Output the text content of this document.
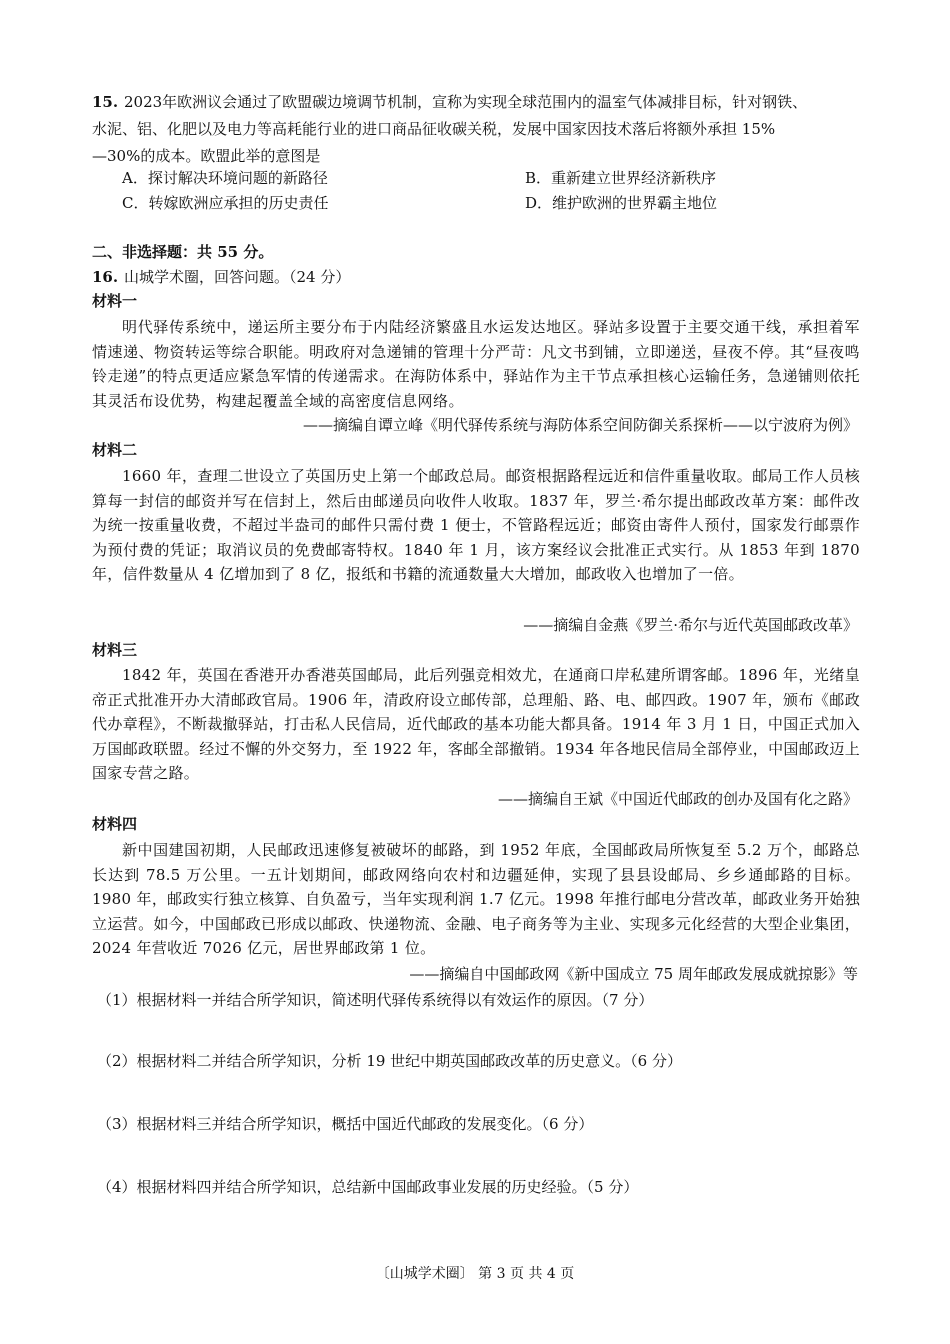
15. 2023年欧洲议会通过了欧盟碳边境调节机制，宣称为实现全球范围内的温室气体减排目标，针对钢铁、
水泥、铝、化肥以及电力等高耗能行业的进口商品征收碳关税，发展中国家因技术落后将额外承担 15%
—30%的成本。欧盟此举的意图是
A．探讨解决环境问题的新路径	B．重新建立世界经济新秩序
C．转嫁欧洲应承担的历史责任	D．维护欧洲的世界霸主地位
二、非选择题：共 55 分。
16. 山城学术圈，回答问题。（24 分）
材料一
明代驿传系统中，递运所主要分布于内陆经济繁盛且水运发达地区。驿站多设置于主要交通干线，承担着军情速递、物资转运等综合职能。明政府对急递铺的管理十分严苛：凡文书到铺，立即递送，昼夜不停。其“昼夜鸣铃走递”的特点更适应紧急军情的传递需求。在海防体系中，驿站作为主干节点承担核心运输任务，急递铺则依托其灵活布设优势，构建起覆盖全域的高密度信息网络。
——摘编自谭立峰《明代驿传系统与海防体系空间防御关系探析——以宁波府为例》
材料二
1660 年，查理二世设立了英国历史上第一个邮政总局。邮资根据路程远近和信件重量收取。邮局工作人员核算每一封信的邮资并写在信封上，然后由邮递员向收件人收取。1837 年，罗兰·希尔提出邮政改革方案：邮件改为统一按重量收费，不超过半盎司的邮件只需付费 1 便士，不管路程远近；邮资由寄件人预付，国家发行邮票作为预付费的凭证；取消议员的免费邮寄特权。1840 年 1 月，该方案经议会批准正式实行。从 1853 年到 1870 年，信件数量从 4 亿增加到了 8 亿，报纸和书籍的流通数量大大增加，邮政收入也增加了一倍。
——摘编自金燕《罗兰·希尔与近代英国邮政改革》
材料三
1842 年，英国在香港开办香港英国邮局，此后列强竞相效尤，在通商口岸私建所谓客邮。1896 年，光绪皇帝正式批准开办大清邮政官局。1906 年，清政府设立邮传部，总理船、路、电、邮四政。1907 年，颁布《邮政代办章程》，不断裁撤驿站，打击私人民信局，近代邮政的基本功能大都具备。1914 年 3 月 1 日，中国正式加入万国邮政联盟。经过不懈的外交努力，至 1922 年，客邮全部撤销。1934 年各地民信局全部停业，中国邮政迈上国家专营之路。
——摘编自王斌《中国近代邮政的创办及国有化之路》
材料四
新中国建国初期，人民邮政迅速修复被破坏的邮路，到 1952 年底，全国邮政局所恢复至 5.2 万个，邮路总长达到 78.5 万公里。一五计划期间，邮政网络向农村和边疆延伸，实现了县县设邮局、乡乡通邮路的目标。1980 年，邮政实行独立核算、自负盈亏，当年实现利润 1.7 亿元。1998 年推行邮电分营改革，邮政业务开始独立运营。如今，中国邮政已形成以邮政、快递物流、金融、电子商务等为主业、实现多元化经营的大型企业集团，2024 年营收近 7026 亿元，居世界邮政第 1 位。
——摘编自中国邮政网《新中国成立 75 周年邮政发展成就掠影》等
（1）根据材料一并结合所学知识，简述明代驿传系统得以有效运作的原因。（7 分）
（2）根据材料二并结合所学知识，分析 19 世纪中期英国邮政改革的历史意义。（6 分）
（3）根据材料三并结合所学知识，概括中国近代邮政的发展变化。（6 分）
（4）根据材料四并结合所学知识，总结新中国邮政事业发展的历史经验。（5 分）
〔山城学术圈〕 第 3 页 共 4 页
